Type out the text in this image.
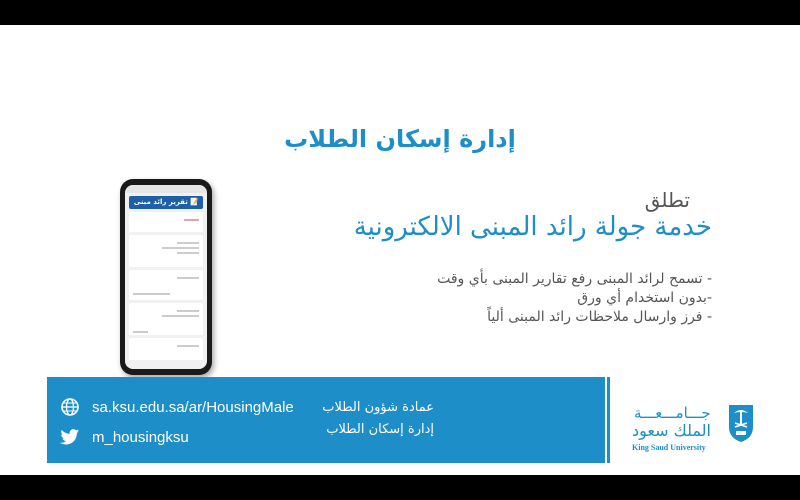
إدارة إسكان الطلاب
تطلق
خدمة جولة رائد المبنى الالكترونية
- تسمح لرائد المبنى رفع تقارير المبنى بأي وقت
-بدون استخدام أي ورق
- فرز وارسال ملاحظات رائد المبنى ألياً
📝 تقرير رائد مبنى
sa.ksu.edu.sa/ar/HousingMale
m_housingksu
عمادة شؤون الطلاب
إدارة إسكان الطلاب
جـــامـــعـــة
الملك سعود
King Saud University
